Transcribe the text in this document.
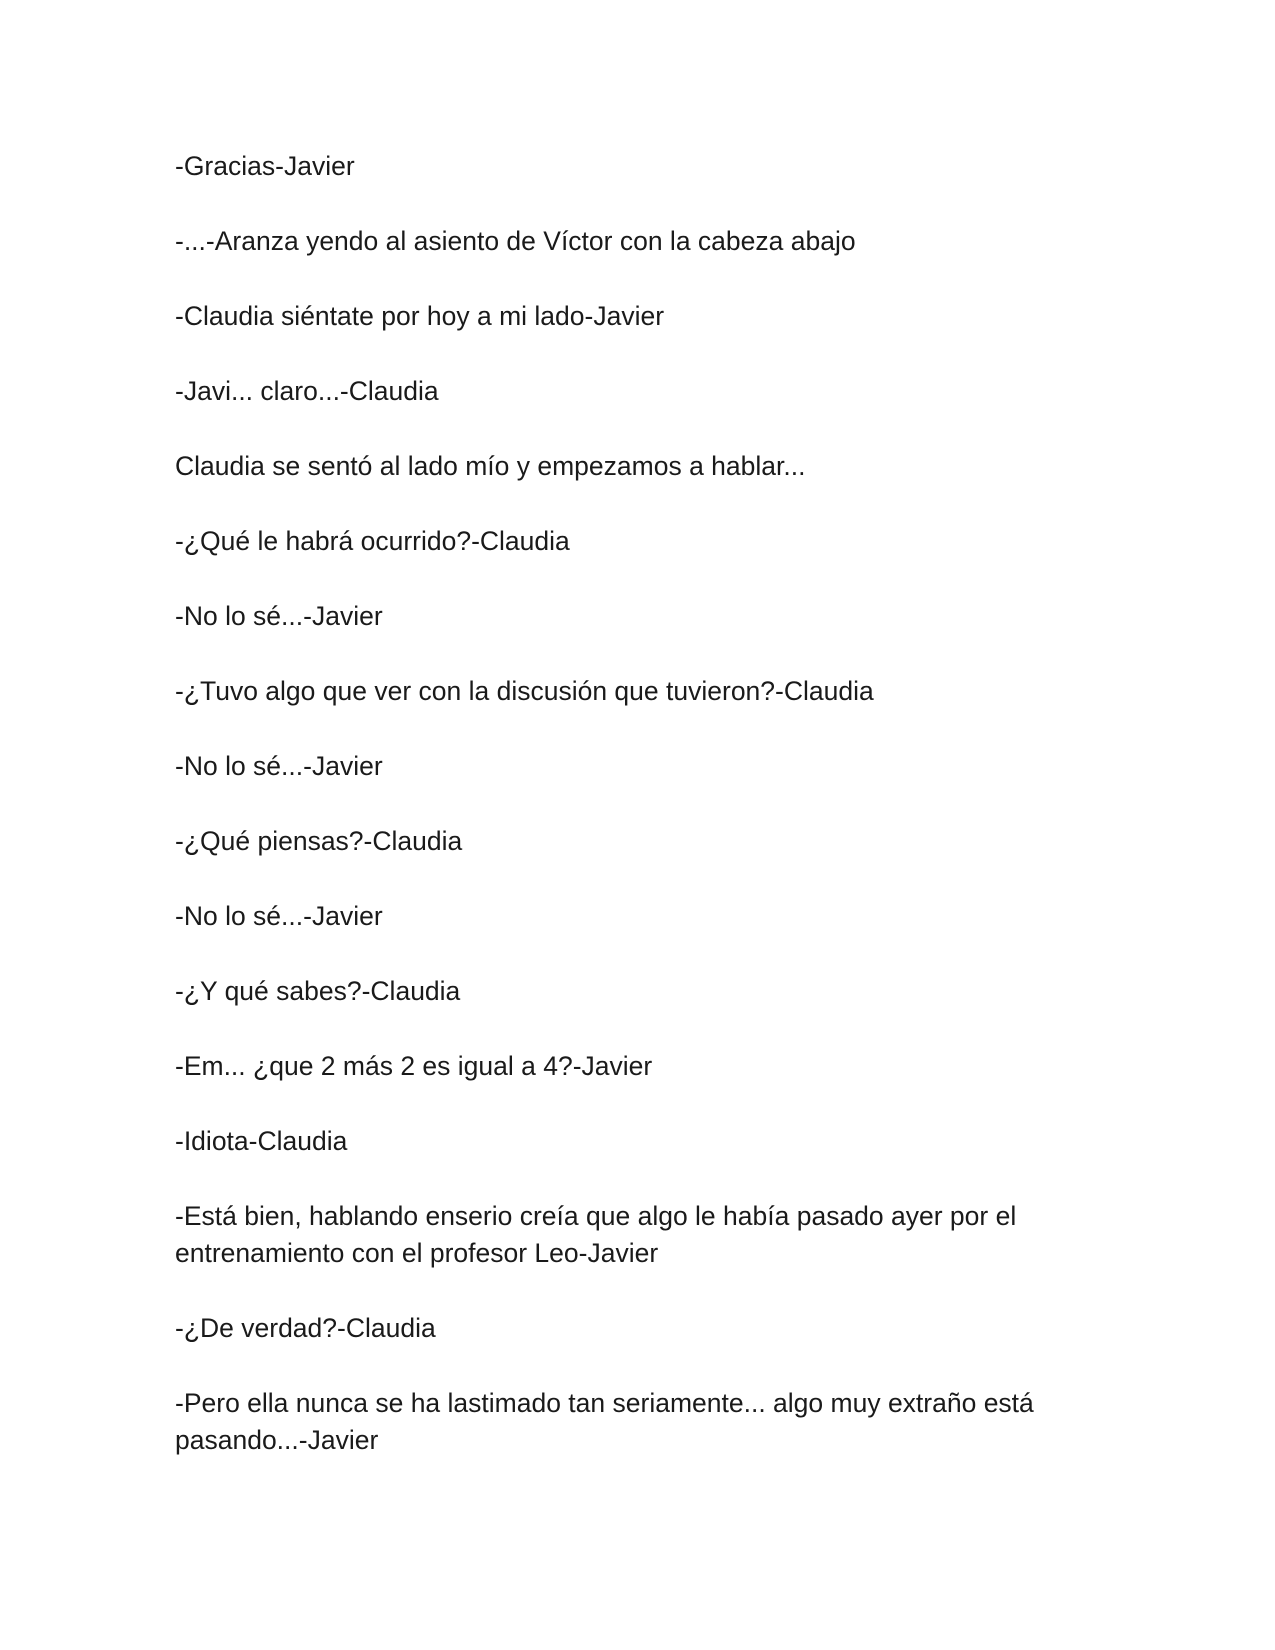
-Gracias-Javier

-...-Aranza yendo al asiento de Víctor con la cabeza abajo

-Claudia siéntate por hoy a mi lado-Javier

-Javi... claro...-Claudia

Claudia se sentó al lado mío y empezamos a hablar...

-¿Qué le habrá ocurrido?-Claudia

-No lo sé...-Javier

-¿Tuvo algo que ver con la discusión que tuvieron?-Claudia

-No lo sé...-Javier

-¿Qué piensas?-Claudia

-No lo sé...-Javier

-¿Y qué sabes?-Claudia

-Em... ¿que 2 más 2 es igual a 4?-Javier

-Idiota-Claudia

-Está bien, hablando enserio creía que algo le había pasado ayer por el entrenamiento con el profesor Leo-Javier

-¿De verdad?-Claudia

-Pero ella nunca se ha lastimado tan seriamente... algo muy extraño está pasando...-Javier
